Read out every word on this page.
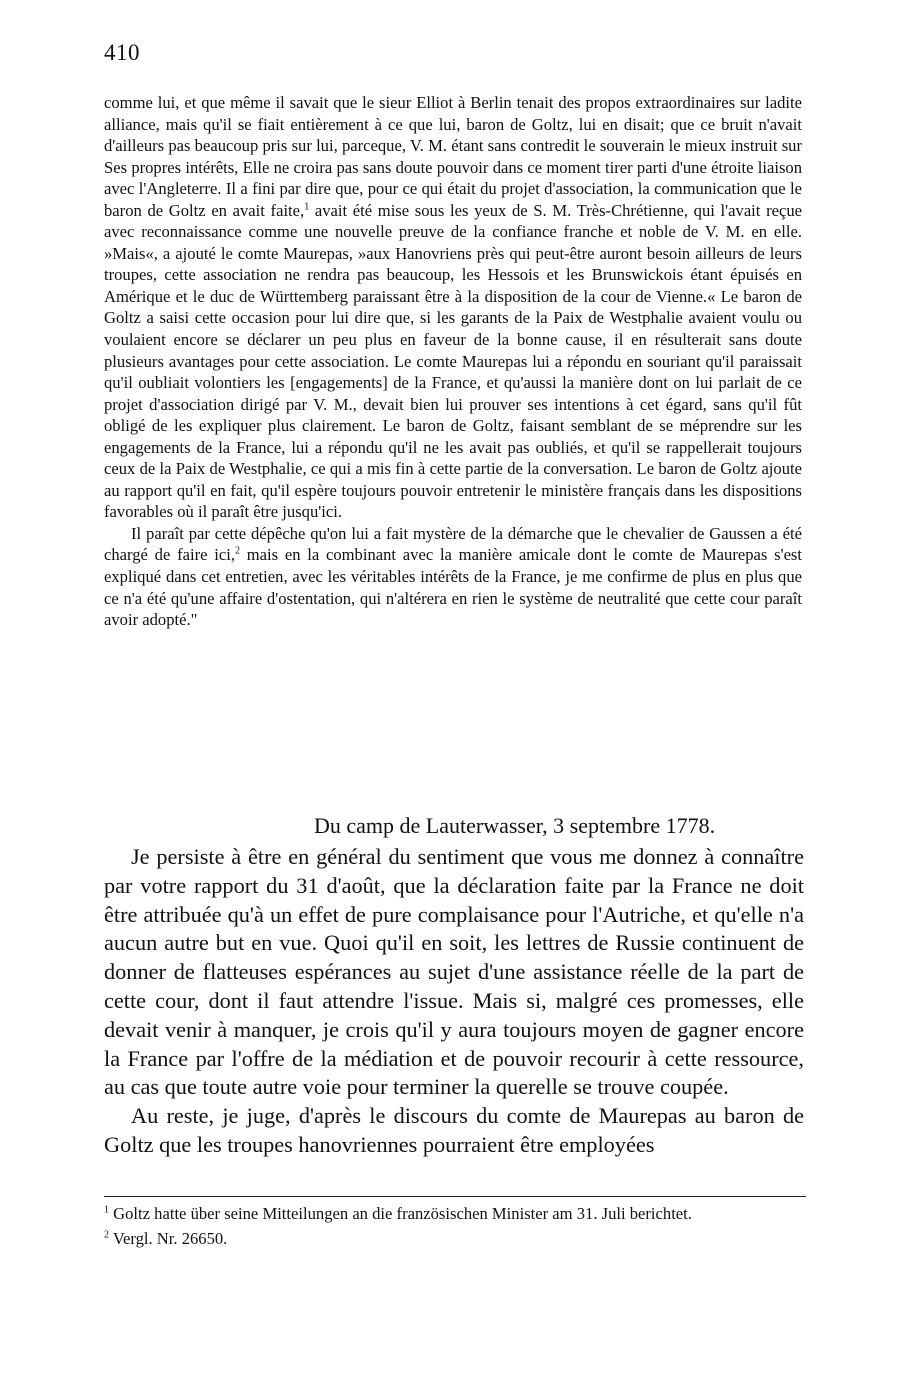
410

comme lui, et que même il savait que le sieur Elliot à Berlin tenait des propos extraordinaires sur ladite alliance, mais qu'il se fiait entièrement à ce que lui, baron de Goltz, lui en disait; que ce bruit n'avait d'ailleurs pas beaucoup pris sur lui, parceque, V. M. étant sans contredit le souverain le mieux instruit sur Ses propres intérêts, Elle ne croira pas sans doute pouvoir dans ce moment tirer parti d'une étroite liaison avec l'Angleterre. Il a fini par dire que, pour ce qui était du projet d'association, la communication que le baron de Goltz en avait faite,$^1$ avait été mise sous les yeux de S. M. Très-Chrétienne, qui l'avait reçue avec reconnaissance comme une nouvelle preuve de la confiance franche et noble de V. M. en elle. »Mais«, a ajouté le comte Maurepas, »aux Hanovriens près qui peut-être auront besoin ailleurs de leurs troupes, cette association ne rendra pas beaucoup, les Hessois et les Brunswickois étant épuisés en Amérique et le duc de Württemberg paraissant être à la disposition de la cour de Vienne.« Le baron de Goltz a saisi cette occasion pour lui dire que, si les garants de la Paix de Westphalie avaient voulu ou voulaient encore se déclarer un peu plus en faveur de la bonne cause, il en résulterait sans doute plusieurs avantages pour cette association. Le comte Maurepas lui a répondu en souriant qu'il paraissait qu'il oubliait volontiers les [engagements] de la France, et qu'aussi la manière dont on lui parlait de ce projet d'association dirigé par V. M., devait bien lui prouver ses intentions à cet égard, sans qu'il fût obligé de les expliquer plus clairement. Le baron de Goltz, faisant semblant de se méprendre sur les engagements de la France, lui a répondu qu'il ne les avait pas oubliés, et qu'il se rappellerait toujours ceux de la Paix de Westphalie, ce qui a mis fin à cette partie de la conversation. Le baron de Goltz ajoute au rapport qu'il en fait, qu'il espère toujours pouvoir entretenir le ministère français dans les dispositions favorables où il paraît être jusqu'ici.

Il paraît par cette dépêche qu'on lui a fait mystère de la démarche que le chevalier de Gaussen a été chargé de faire ici,$^2$ mais en la combinant avec la manière amicale dont le comte de Maurepas s'est expliqué dans cet entretien, avec les véritables intérêts de la France, je me confirme de plus en plus que ce n'a été qu'une affaire d'ostentation, qui n'altérera en rien le système de neutralité que cette cour paraît avoir adopté."

Du camp de Lauterwasser, 3 septembre 1778.

Je persiste à être en général du sentiment que vous me donnez à connaître par votre rapport du 31 d'août, que la déclaration faite par la France ne doit être attribuée qu'à un effet de pure complaisance pour l'Autriche, et qu'elle n'a aucun autre but en vue. Quoi qu'il en soit, les lettres de Russie continuent de donner de flatteuses espérances au sujet d'une assistance réelle de la part de cette cour, dont il faut attendre l'issue. Mais si, malgré ces promesses, elle devait venir à manquer, je crois qu'il y aura toujours moyen de gagner encore la France par l'offre de la médiation et de pouvoir recourir à cette ressource, au cas que toute autre voie pour terminer la querelle se trouve coupée.

Au reste, je juge, d'après le discours du comte de Maurepas au baron de Goltz que les troupes hanovriennes pourraient être employées

$^1$ Goltz hatte über seine Mitteilungen an die französischen Minister am 31. Juli berichtet.

$^2$ Vergl. Nr. 26650.
